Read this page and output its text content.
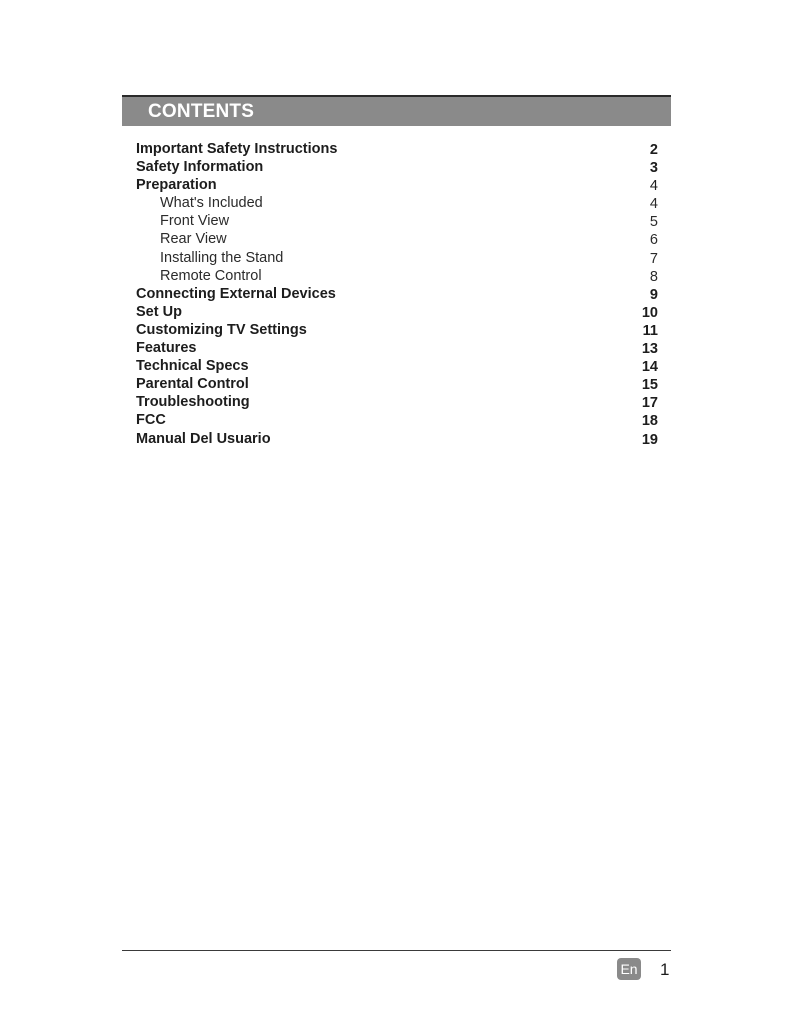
CONTENTS
Important Safety Instructions	2
Safety Information	3
Preparation	4
What's Included	4
Front View	5
Rear View	6
Installing the Stand	7
Remote Control	8
Connecting External Devices	9
Set Up	10
Customizing TV Settings	11
Features	13
Technical Specs	14
Parental Control	15
Troubleshooting	17
FCC	18
Manual Del Usuario	19
En 1
